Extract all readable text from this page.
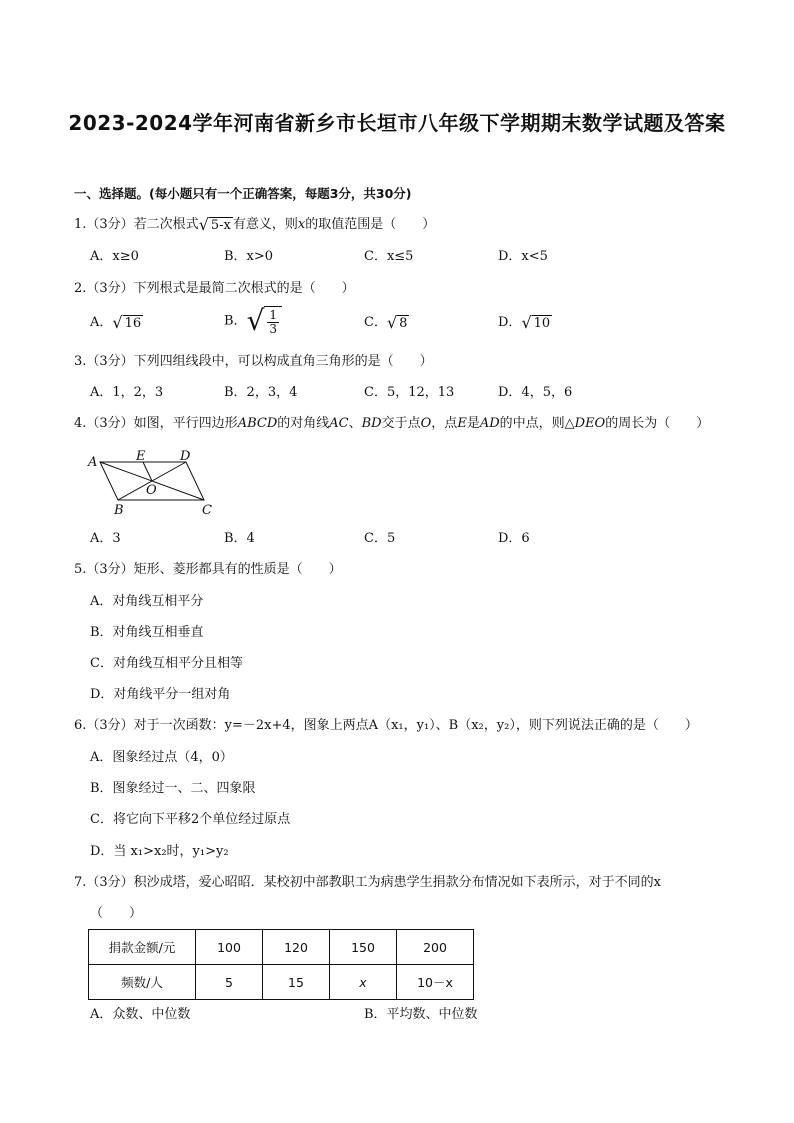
2023-2024学年河南省新乡市长垣市八年级下学期期末数学试题及答案
一、选择题。(每小题只有一个正确答案，每题3分，共30分)
1.（3分）若二次根式 √ 5-x 有意义，则x的取值范围是（　　）
A．x≥0	B．x>0	C．x≤5	D．x<5
2.（3分）下列根式是最简二次根式的是（　　）
A． √ 16	B． √ $\frac{1}{3}$	C． √ 8	D． √ 10
3.（3分）下列四组线段中，可以构成直角三角形的是（　　）
A．1，2，3	B．2，3，4	C．5，12，13	D．4，5，6
4.（3分）如图，平行四边形ABCD的对角线AC、BD交于点O，点E是AD的中点，则△DEO的周长为（　　）
A
B	C
D
E
O
A．3	B．4	C．5	D．6
5.（3分）矩形、菱形都具有的性质是（　　）
A．对角线互相平分
B．对角线互相垂直
C．对角线互相平分且相等
D．对角线平分一组对角
6.（3分）对于一次函数：y=－2x+4，图象上两点A（x₁，y₁）、B（x₂，y₂），则下列说法正确的是（　　）
A．图象经过点（4，0）
B．图象经过一、二、四象限
C．将它向下平移2个单位经过原点
D．当 x₁>x₂时，y₁>y₂
7.（3分）积沙成塔，爱心昭昭．某校初中部教职工为病患学生捐款分布情况如下表所示，对于不同的x
（　　）
捐款金额/元	100	120	150	200
频数/人	5	15	x	10－x
A．众数、中位数	B．平均数、中位数
